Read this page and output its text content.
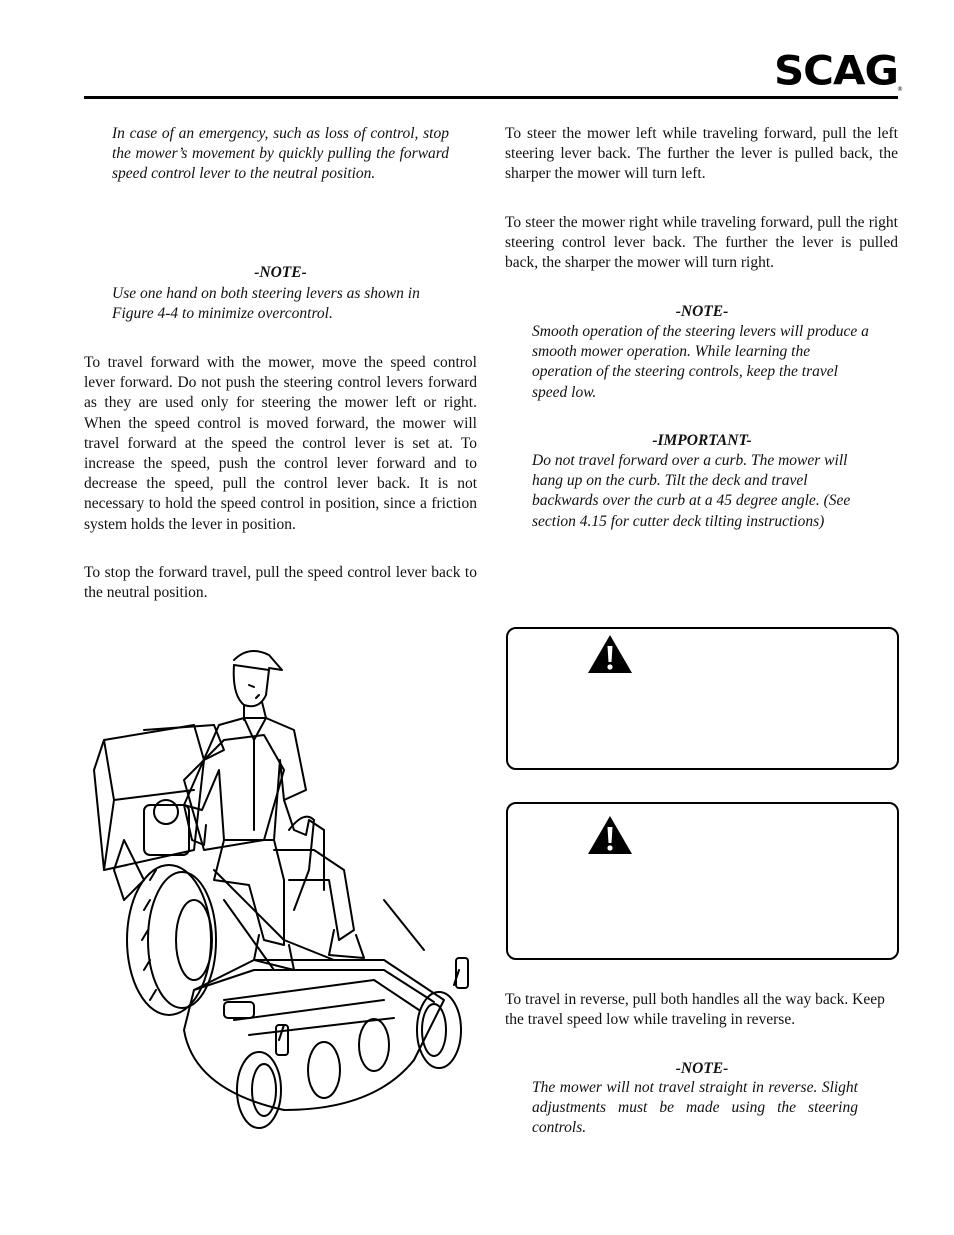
SCAG ®
In case of an emergency, such as loss of control, stop the mower’s movement by quickly pulling the forward speed control lever to the neutral position.
-NOTE-
Use one hand on both steering levers as shown in Figure 4-4 to minimize overcontrol.
To travel forward with the mower, move the speed control lever forward. Do not push the steering control levers forward as they are used only for steering the mower left or right. When the speed control is moved forward, the mower will travel forward at the speed the control lever is set at. To increase the speed, push the control lever forward and to decrease the speed, pull the control lever back. It is not necessary to hold the speed control in position, since a friction system holds the lever in position.
To stop the forward travel, pull the speed control lever back to the neutral position.
To steer the mower left while traveling forward, pull the left steering lever back. The further the lever is pulled back, the sharper the mower will turn left.
To steer the mower right while traveling forward, pull the right steering control lever back. The further the lever is pulled back, the sharper the mower will turn right.
-NOTE-
Smooth operation of the steering levers will produce a smooth mower operation. While learning the operation of the steering controls, keep the travel speed low.
-IMPORTANT-
Do not travel forward over a curb. The mower will hang up on the curb. Tilt the deck and travel backwards over the curb at a 45 degree angle. (See section 4.15 for cutter deck tilting instructions)
To travel in reverse, pull both handles all the way back. Keep the travel speed low while traveling in reverse.
-NOTE-
The mower will not travel straight in reverse. Slight adjustments must be made using the steering controls.
